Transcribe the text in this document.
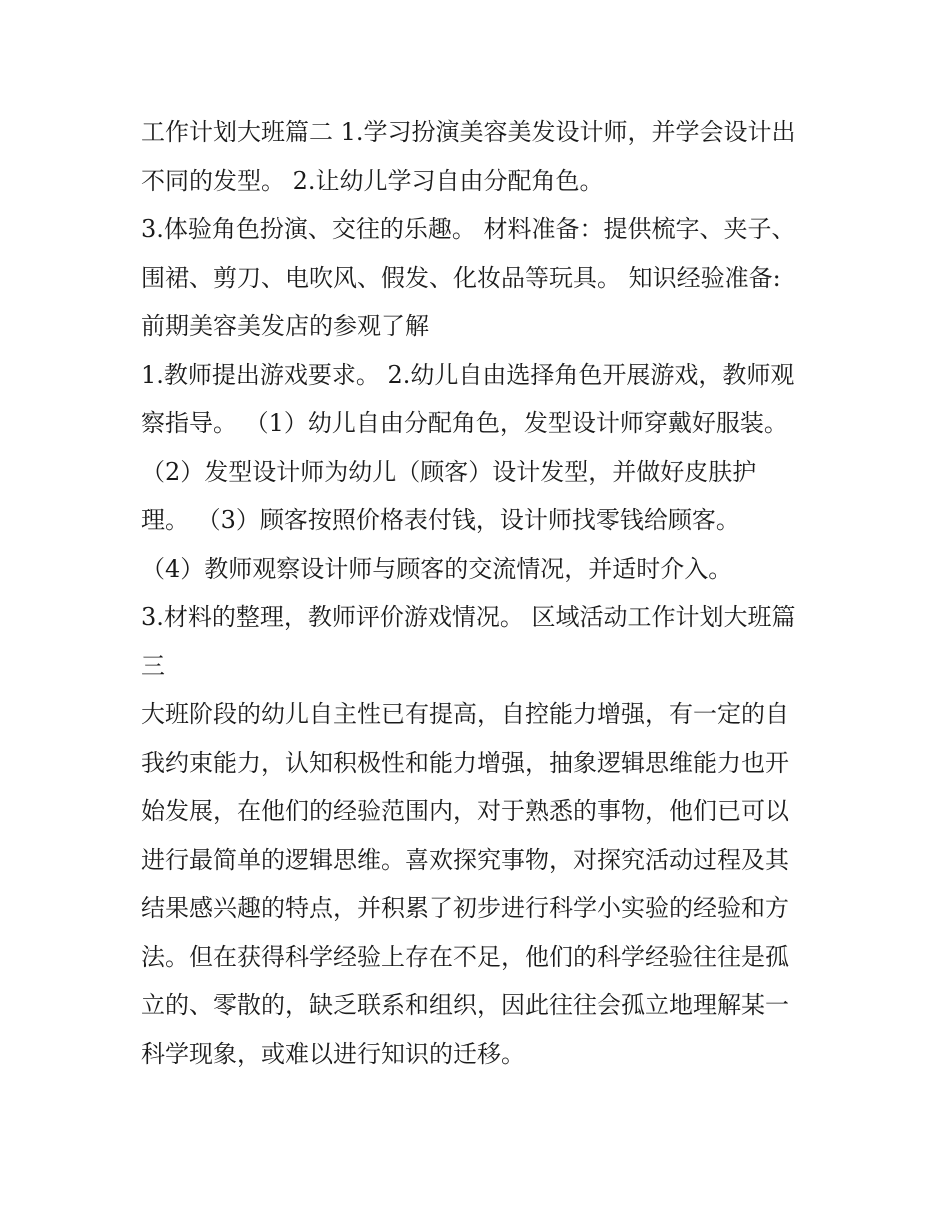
工作计划大班篇二 1.学习扮演美容美发设计师，并学会设计出
不同的发型。 2.让幼儿学习自由分配角色。
3.体验角色扮演、交往的乐趣。 材料准备：提供梳字、夹子、
围裙、剪刀、电吹风、假发、化妆品等玩具。 知识经验准备:
前期美容美发店的参观了解
1.教师提出游戏要求。 2.幼儿自由选择角色开展游戏，教师观
察指导。 （1）幼儿自由分配角色，发型设计师穿戴好服装。
（2）发型设计师为幼儿（顾客）设计发型，并做好皮肤护
理。 （3）顾客按照价格表付钱，设计师找零钱给顾客。
（4）教师观察设计师与顾客的交流情况，并适时介入。
3.材料的整理，教师评价游戏情况。 区域活动工作计划大班篇
三
大班阶段的幼儿自主性已有提高，自控能力增强，有一定的自
我约束能力，认知积极性和能力增强，抽象逻辑思维能力也开
始发展，在他们的经验范围内，对于熟悉的事物，他们已可以
进行最简单的逻辑思维。喜欢探究事物，对探究活动过程及其
结果感兴趣的特点，并积累了初步进行科学小实验的经验和方
法。但在获得科学经验上存在不足，他们的科学经验往往是孤
立的、零散的，缺乏联系和组织，因此往往会孤立地理解某一
科学现象，或难以进行知识的迁移。
